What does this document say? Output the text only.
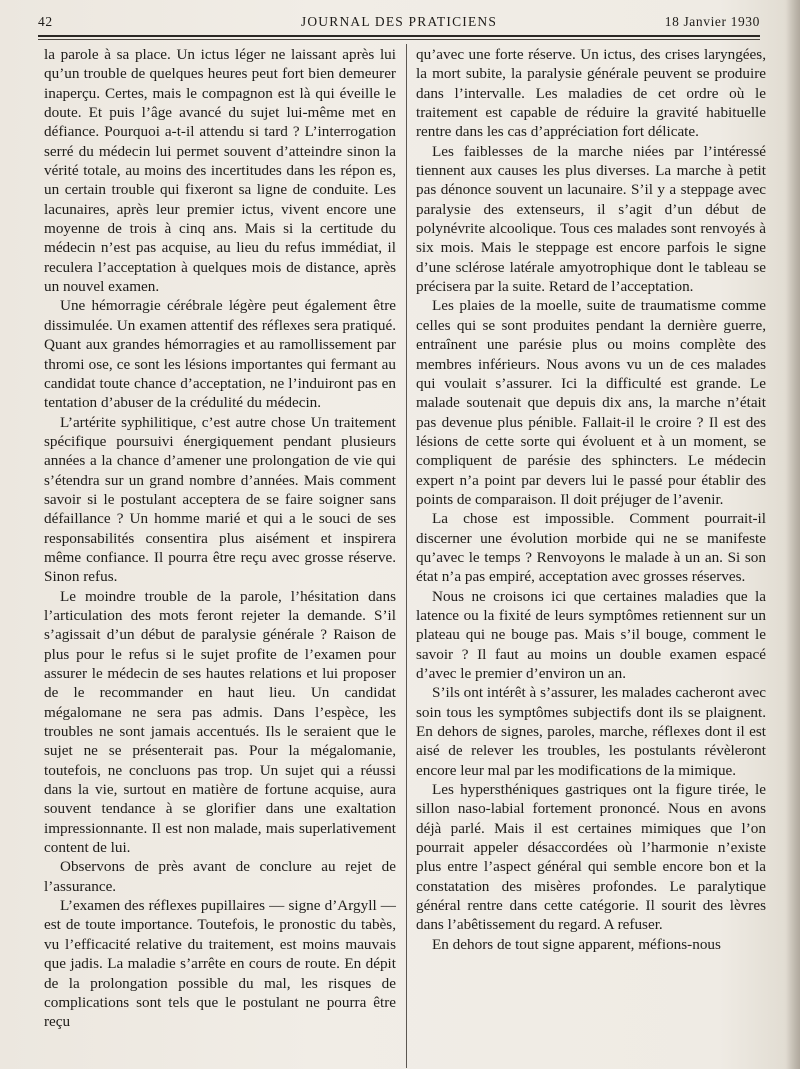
42	JOURNAL DES PRATICIENS	18 Janvier 1930

la parole à sa place. Un ictus léger ne laissant après lui qu’un trouble de quelques heures peut fort bien demeurer inaperçu. Certes, mais le compagnon est là qui éveille le doute. Et puis l’âge avancé du sujet lui-même met en défiance. Pourquoi a-t-il attendu si tard ? L’interrogation serré du médecin lui permet souvent d’atteindre sinon la vérité totale, au moins des incertitudes dans les répon es, un certain trouble qui fixeront sa ligne de conduite. Les lacunaires, après leur premier ictus, vivent encore une moyenne de trois à cinq ans. Mais si la certitude du médecin n’est pas acquise, au lieu du refus immédiat, il reculera l’acceptation à quelques mois de distance, après un nouvel examen.

Une hémorragie cérébrale légère peut également être dissimulée. Un examen attentif des réflexes sera pratiqué. Quant aux grandes hémorragies et au ramollissement par thromi ose, ce sont les lésions importantes qui fermant au candidat toute chance d’acceptation, ne l’induiront pas en tentation d’abuser de la crédulité du médecin.

L’artérite syphilitique, c’est autre chose Un traitement spécifique poursuivi énergiquement pendant plusieurs années a la chance d’amener une prolongation de vie qui s’étendra sur un grand nombre d’années. Mais comment savoir si le postulant acceptera de se faire soigner sans défaillance ? Un homme marié et qui a le souci de ses responsabilités consentira plus aisément et inspirera même confiance. Il pourra être reçu avec grosse réserve. Sinon refus.

Le moindre trouble de la parole, l’hésitation dans l’articulation des mots feront rejeter la demande. S’il s’agissait d’un début de paralysie générale ? Raison de plus pour le refus si le sujet profite de l’examen pour assurer le médecin de ses hautes relations et lui proposer de le recommander en haut lieu. Un candidat mégalomane ne sera pas admis. Dans l’espèce, les troubles ne sont jamais accentués. Ils le seraient que le sujet ne se présenterait pas. Pour la mégalomanie, toutefois, ne concluons pas trop. Un sujet qui a réussi dans la vie, surtout en matière de fortune acquise, aura souvent tendance à se glorifier dans une exaltation impressionnante. Il est non malade, mais superlativement content de lui.

Observons de près avant de conclure au rejet de l’assurance.

L’examen des réflexes pupillaires — signe d’Argyll — est de toute importance. Toutefois, le pronostic du tabès, vu l’efficacité relative du traitement, est moins mauvais que jadis. La maladie s’arrête en cours de route. En dépit de la prolongation possible du mal, les risques de complications sont tels que le postulant ne pourra être reçu

qu’avec une forte réserve. Un ictus, des crises laryngées, la mort subite, la paralysie générale peuvent se produire dans l’intervalle. Les maladies de cet ordre où le traitement est capable de réduire la gravité habituelle rentre dans les cas d’appréciation fort délicate.

Les faiblesses de la marche niées par l’intéressé tiennent aux causes les plus diverses. La marche à petit pas dénonce souvent un lacunaire. S’il y a steppage avec paralysie des extenseurs, il s’agit d’un début de polynévrite alcoolique. Tous ces malades sont renvoyés à six mois. Mais le steppage est encore parfois le signe d’une sclérose latérale amyotrophique dont le tableau se précisera par la suite. Retard de l’acceptation.

Les plaies de la moelle, suite de traumatisme comme celles qui se sont produites pendant la dernière guerre, entraînent une parésie plus ou moins complète des membres inférieurs. Nous avons vu un de ces malades qui voulait s’assurer. Ici la difficulté est grande. Le malade soutenait que depuis dix ans, la marche n’était pas devenue plus pénible. Fallait-il le croire ? Il est des lésions de cette sorte qui évoluent et à un moment, se compliquent de parésie des sphincters. Le médecin expert n’a point par devers lui le passé pour établir des points de comparaison. Il doit préjuger de l’avenir.

La chose est impossible. Comment pourrait-il discerner une évolution morbide qui ne se manifeste qu’avec le temps ? Renvoyons le malade à un an. Si son état n’a pas empiré, acceptation avec grosses réserves.

Nous ne croisons ici que certaines maladies que la latence ou la fixité de leurs symptômes retiennent sur un plateau qui ne bouge pas. Mais s’il bouge, comment le savoir ? Il faut au moins un double examen espacé d’avec le premier d’environ un an.

S’ils ont intérêt à s’assurer, les malades cacheront avec soin tous les symptômes subjectifs dont ils se plaignent. En dehors de signes, paroles, marche, réflexes dont il est aisé de relever les troubles, les postulants révèleront encore leur mal par les modifications de la mimique.

Les hypersthéniques gastriques ont la figure tirée, le sillon naso-labial fortement prononcé. Nous en avons déjà parlé. Mais il est certaines mimiques que l’on pourrait appeler désaccordées où l’harmonie n’existe plus entre l’aspect général qui semble encore bon et la constatation des misères profondes. Le paralytique général rentre dans cette catégorie. Il sourit des lèvres dans l’abêtissement du regard. A refuser.

En dehors de tout signe apparent, méfions-nous
